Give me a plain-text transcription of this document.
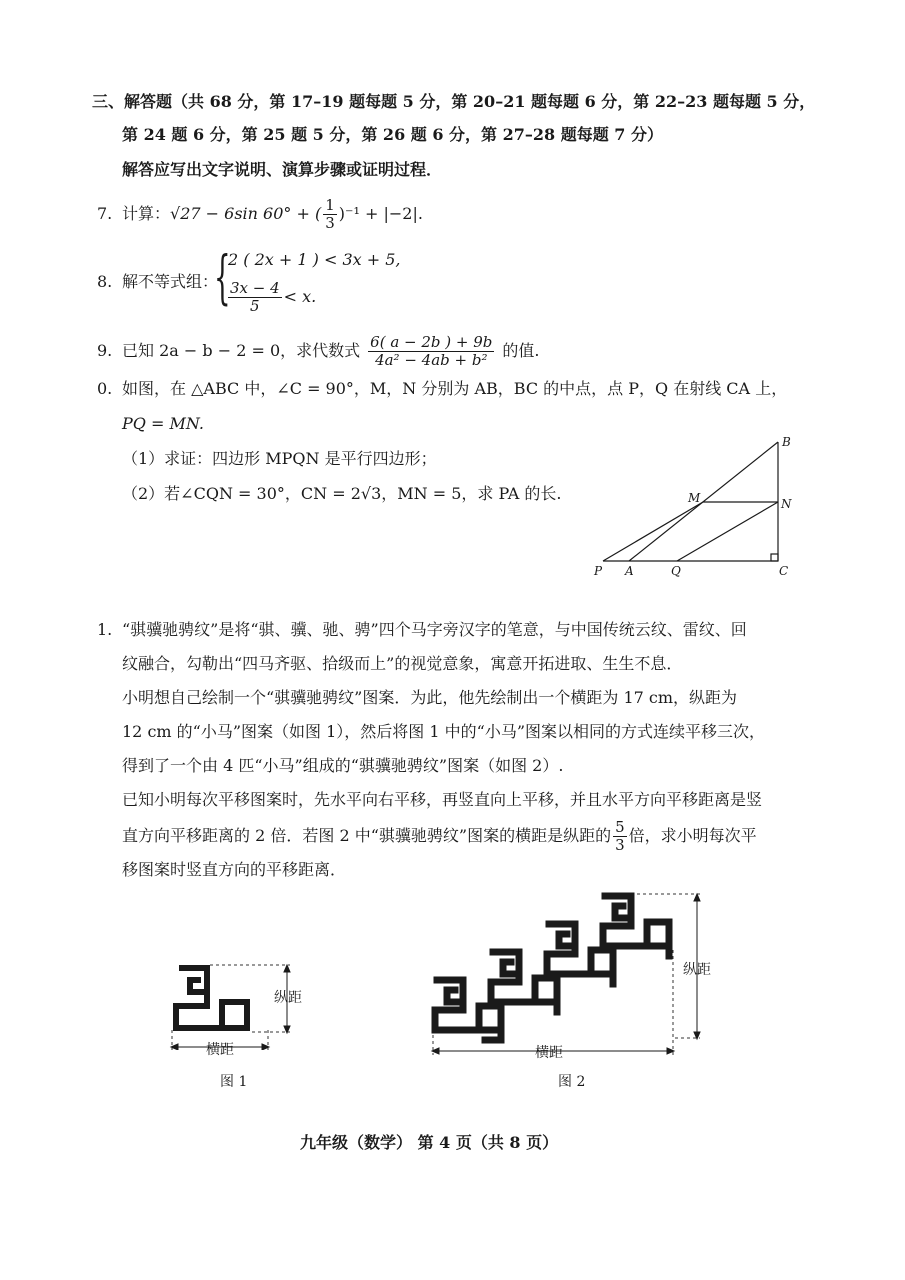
三、解答题（共 68 分，第 17–19 题每题 5 分，第 20–21 题每题 6 分，第 22–23 题每题 5 分，
第 24 题 6 分，第 25 题 5 分，第 26 题 6 分，第 27–28 题每题 7 分）
解答应写出文字说明、演算步骤或证明过程．
7. 计算：√27 − 6sin 60° + ( $\frac{1}{3} )^{-1} + |-2|$.
8. 解不等式组：
{
2 ( 2x + 1 ) < 3x + 5,
$\frac{3x - 4}{5} < x$.
9. 已知 2a − b − 2 = 0，求代数式 $\frac{6( a - 2b ) + 9b}{\text{4a² − 4ab + b²}}$ 的值.
0. 如图，在 △ABC 中，∠C = 90°，M，N 分别为 AB，BC 的中点，点 P，Q 在射线 CA 上，
PQ = MN.
（1）求证：四边形 MPQN 是平行四边形；
（2）若∠CQN = 30°，CN = 2√3，MN = 5，求 PA 的长.
B
M	N
P A	Q	C
1. “骐骥驰骋纹”是将“骐、骥、驰、骋”四个马字旁汉字的笔意，与中国传统云纹、雷纹、回
纹融合，勾勒出“四马齐驱、拾级而上”的视觉意象，寓意开拓进取、生生不息．
小明想自己绘制一个“骐骥驰骋纹”图案．为此，他先绘制出一个横距为 17 cm，纵距为
12 cm 的“小马”图案（如图 1），然后将图 1 中的“小马”图案以相同的方式连续平移三次，
得到了一个由 4 匹“小马”组成的“骐骥驰骋纹”图案（如图 2）.
已知小明每次平移图案时，先水平向右平移，再竖直向上平移，并且水平方向平移距离是竖
直方向平移距离的 2 倍．若图 2 中“骐骥驰骋纹”图案的横距是纵距的 $\frac{5}{3}$ 倍，求小明每次平
移图案时竖直方向的平移距离．
纵距
横距
图 1
纵距
横距
图 2
九年级（数学） 第 4 页（共 8 页）
